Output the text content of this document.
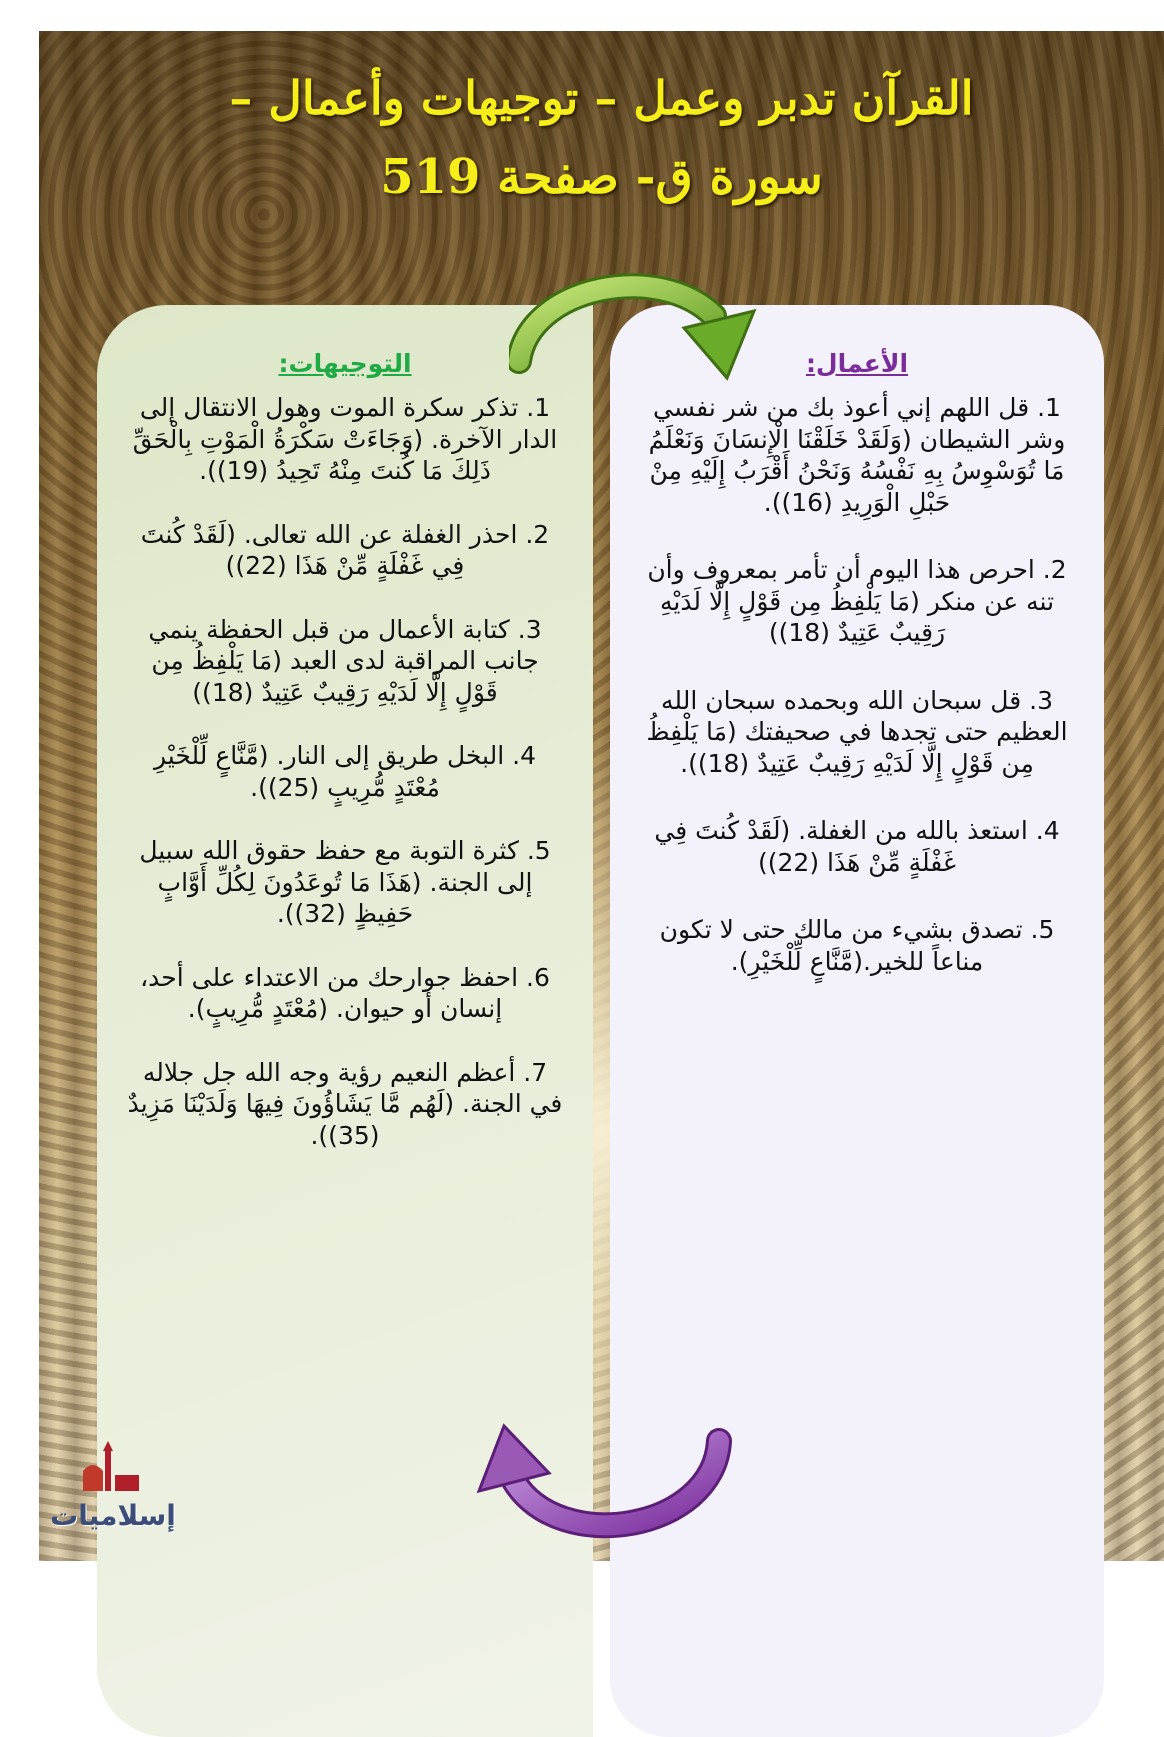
القرآن تدبر وعمل – توجيهات وأعمال –
سورة ق- صفحة 519
الأعمال:
1. قل اللهم إني أعوذ بك من شر نفسي وشر الشيطان (وَلَقَدْ خَلَقْنَا الْإِنسَانَ وَنَعْلَمُ مَا تُوَسْوِسُ بِهِ نَفْسُهُ وَنَحْنُ أَقْرَبُ إِلَيْهِ مِنْ حَبْلِ الْوَرِيدِ (16)).
2. احرص هذا اليوم أن تأمر بمعروف وأن تنه عن منكر (مَا يَلْفِظُ مِن قَوْلٍ إِلَّا لَدَيْهِ رَقِيبٌ عَتِيدٌ (18))
3. قل سبحان الله وبحمده سبحان الله العظيم حتى تجدها في صحيفتك (مَا يَلْفِظُ مِن قَوْلٍ إِلَّا لَدَيْهِ رَقِيبٌ عَتِيدٌ (18)).
4. استعذ بالله من الغفلة. (لَقَدْ كُنتَ فِي غَفْلَةٍ مِّنْ هَذَا (22))
5. تصدق بشيء من مالك حتى لا تكون مناعاً للخير.(مَّنَّاعٍ لِّلْخَيْرِ).
التوجيهات:
1. تذكر سكرة الموت وهول الانتقال إلى الدار الآخرة. (وَجَاءَتْ سَكْرَةُ الْمَوْتِ بِالْحَقِّ ذَلِكَ مَا كُنتَ مِنْهُ تَحِيدُ (19)).
2. احذر الغفلة عن الله تعالى. (لَقَدْ كُنتَ فِي غَفْلَةٍ مِّنْ هَذَا (22))
3. كتابة الأعمال من قبل الحفظة ينمي جانب المراقبة لدى العبد (مَا يَلْفِظُ مِن قَوْلٍ إِلَّا لَدَيْهِ رَقِيبٌ عَتِيدٌ (18))
4. البخل طريق إلى النار. (مَّنَّاعٍ لِّلْخَيْرِ مُعْتَدٍ مُّرِيبٍ (25)).
5. كثرة التوبة مع حفظ حقوق الله سبيل إلى الجنة. (هَذَا مَا تُوعَدُونَ لِكُلِّ أَوَّابٍ حَفِيظٍ (32)).
6. احفظ جوارحك من الاعتداء على أحد، إنسان أو حيوان. (مُعْتَدٍ مُّرِيبٍ).
7. أعظم النعيم رؤية وجه الله جل جلاله في الجنة. (لَهُم مَّا يَشَاؤُونَ فِيهَا وَلَدَيْنَا مَزِيدٌ (35)).
إسلاميات
